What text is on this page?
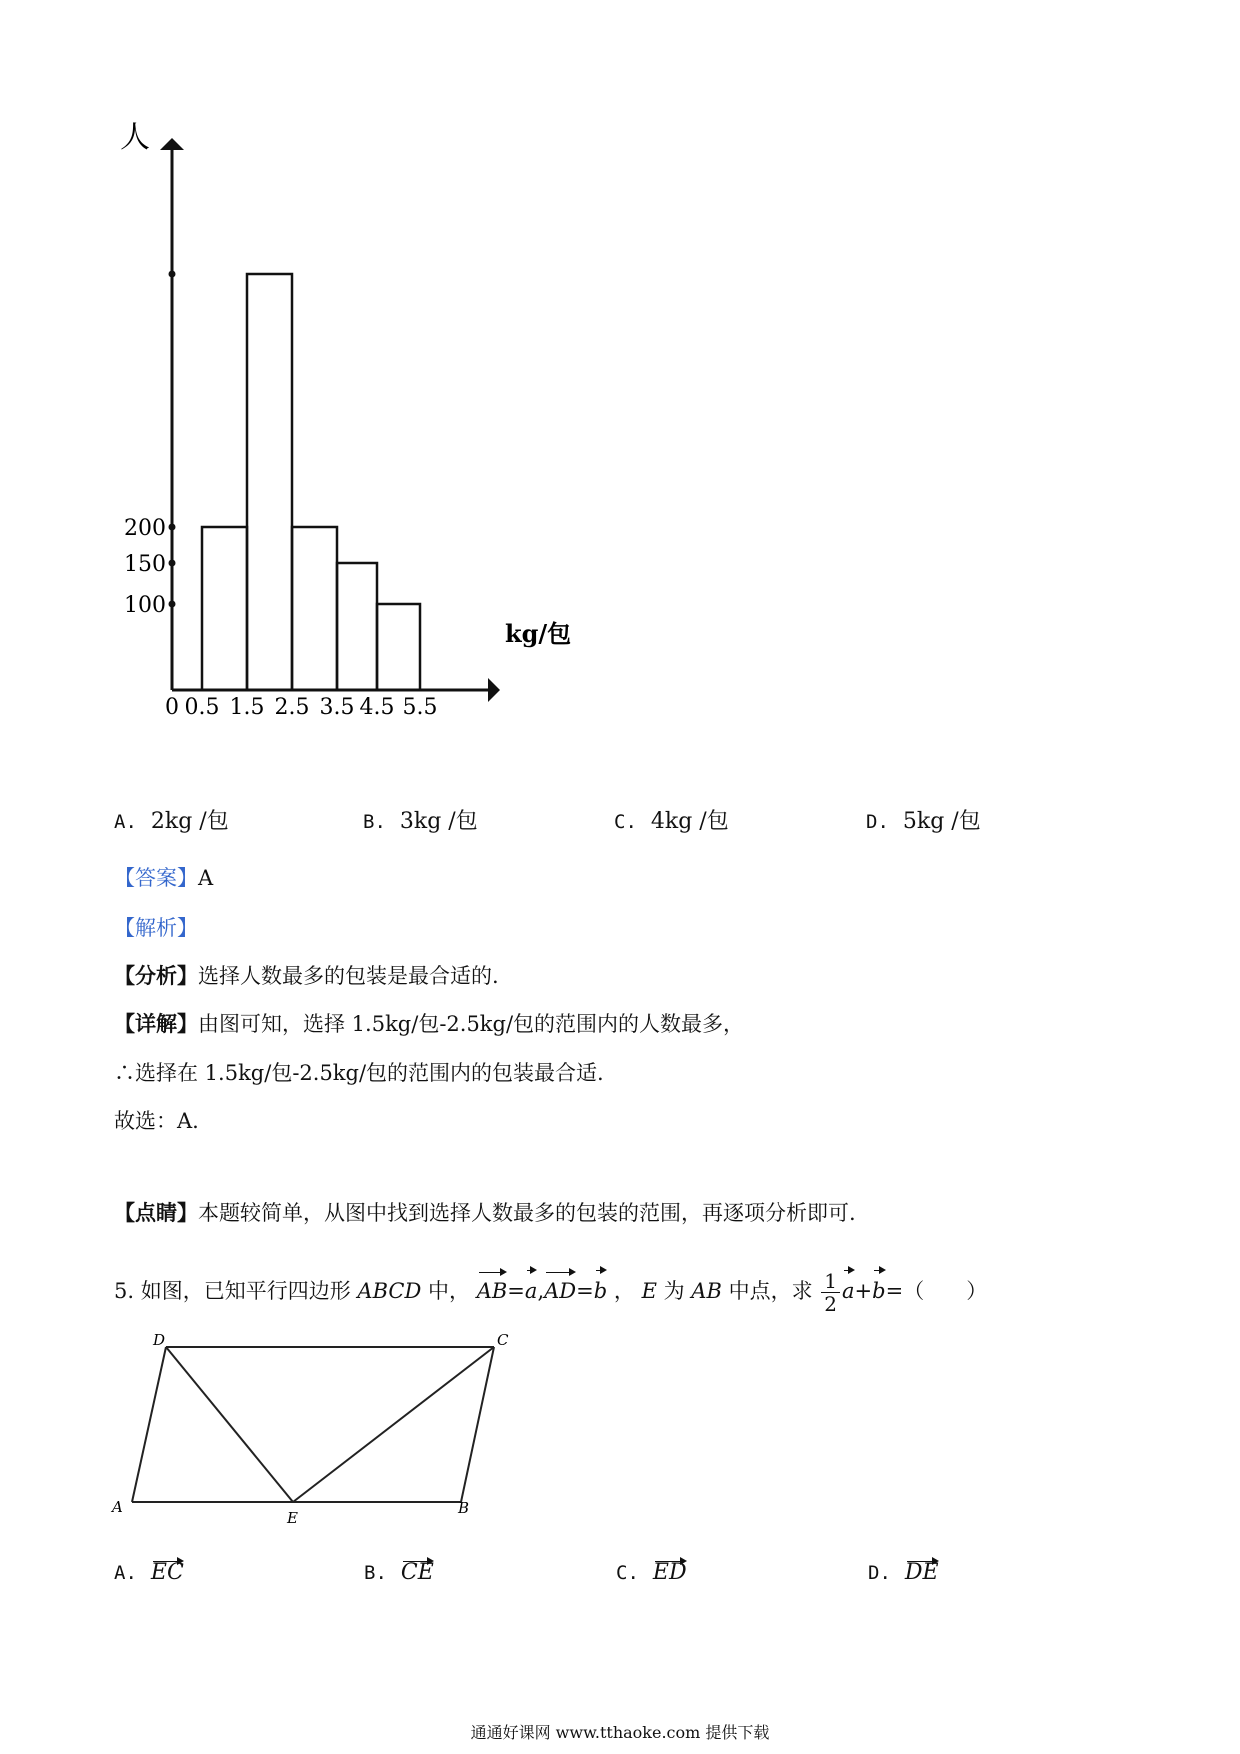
100
150
200
0 0.5 1.5 2.5 3.5 4.5 5.5
人
kg/包
A. 2kg /包	B. 3kg /包	C. 4kg /包	D. 5kg /包
【答案】A
【解析】
【分析】选择人数最多的包装是最合适的.
【详解】由图可知，选择 1.5kg/包-2.5kg/包的范围内的人数最多，
∴选择在 1.5kg/包-2.5kg/包的范围内的包装最合适.
故选：A.
【点睛】本题较简单，从图中找到选择人数最多的包装的范围，再逐项分析即可.
5. 如图，已知平行四边形 ABCD 中， AB=a,AD=b ， E 为 AB 中点，求 $\frac{1}{2} a+b=$（　　）
D	C
A
E
B
A. EC	B. CE	C. ED	D. DE
通通好课网 www.tthaoke.com 提供下载
